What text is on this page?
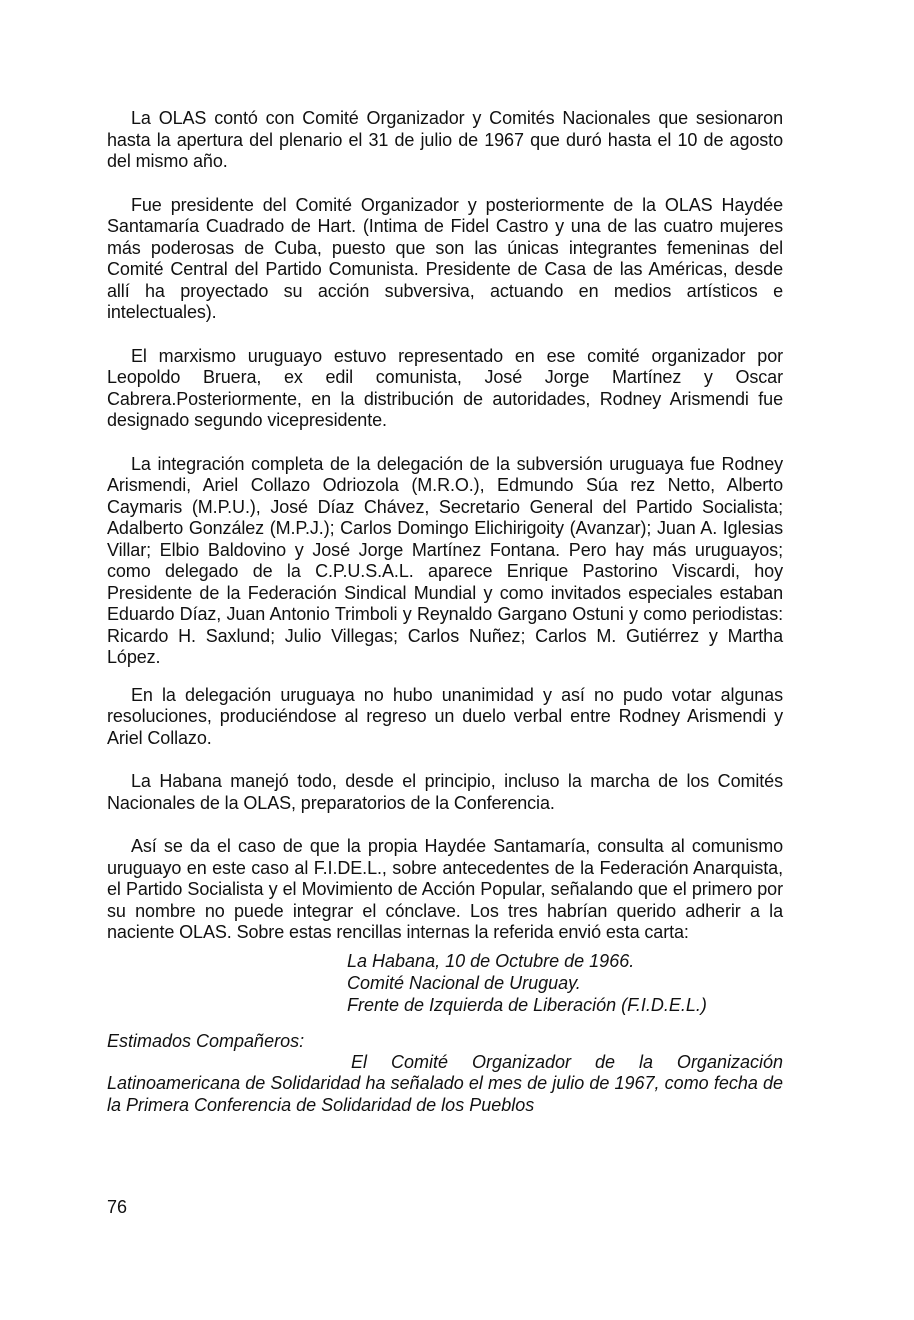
La OLAS contó con Comité Organizador y Comités Nacionales que sesionaron hasta la apertura del plenario el 31 de julio de 1967 que duró hasta el 10 de agosto del mismo año.

Fue presidente del Comité Organizador y posteriormente de la OLAS Haydée Santamaría Cuadrado de Hart. (Intima de Fidel Castro y una de las cuatro mujeres más poderosas de Cuba, puesto que son las únicas integrantes femeninas del Comité Central del Partido Comunista. Presidente de Casa de las Américas, desde allí ha proyectado su acción subversiva, actuando en medios artísticos e intelectuales).

El marxismo uruguayo estuvo representado en ese comité organizador por Leopoldo Bruera, ex edil comunista, José Jorge Martínez y Oscar Cabrera.Posteriormente, en la distribución de autoridades, Rodney Arismendi fue designado segundo vicepresidente.

La integración completa de la delegación de la subversión uruguaya fue Rodney Arismendi, Ariel Collazo Odriozola (M.R.O.), Edmundo Súa rez Netto, Alberto Caymaris (M.P.U.), José Díaz Chávez, Secretario General del Partido Socialista; Adalberto González (M.P.J.); Carlos Domingo Elichirigoity (Avanzar); Juan A. Iglesias Villar; Elbio Baldovino y José Jorge Martínez Fontana. Pero hay más uruguayos; como delegado de la C.P.U.S.A.L. aparece Enrique Pastorino Viscardi, hoy Presidente de la Federación Sindical Mundial y como invitados especiales estaban Eduardo Díaz, Juan Antonio Trimboli y Reynaldo Gargano Ostuni y como periodistas: Ricardo H. Saxlund; Julio Villegas; Carlos Nuñez; Carlos M. Gutiérrez y Martha López.

En la delegación uruguaya no hubo unanimidad y así no pudo votar algunas resoluciones, produciéndose al regreso un duelo verbal entre Rodney Arismendi y Ariel Collazo.

La Habana manejó todo, desde el principio, incluso la marcha de los Comités Nacionales de la OLAS, preparatorios de la Conferencia.

Así se da el caso de que la propia Haydée Santamaría, consulta al comunismo uruguayo en este caso al F.I.DE.L., sobre antecedentes de la Federación Anarquista, el Partido Socialista y el Movimiento de Acción Popular, señalando que el primero por su nombre no puede integrar el cónclave. Los tres habrían querido adherir a la naciente OLAS. Sobre estas rencillas internas la referida envió esta carta:

La Habana, 10 de Octubre de 1966.

Comité Nacional de Uruguay.

Frente de Izquierda de Liberación (F.I.D.E.L.)

Estimados Compañeros:

El Comité Organizador de la Organización Latinoamericana de Solidaridad ha señalado el mes de julio de 1967, como fecha de la Primera Conferencia de Solidaridad de los Pueblos

76
